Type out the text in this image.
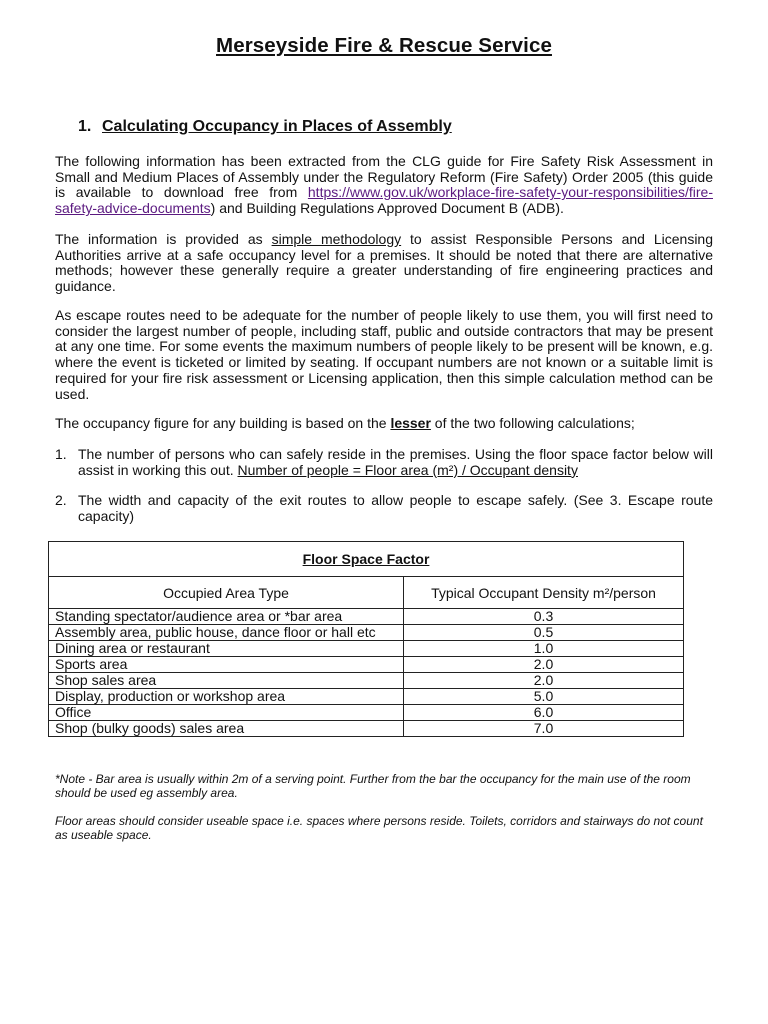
Merseyside Fire & Rescue Service
1. Calculating Occupancy in Places of Assembly

The following information has been extracted from the CLG guide for Fire Safety Risk Assessment in Small and Medium Places of Assembly under the Regulatory Reform (Fire Safety) Order 2005 (this guide is available to download free from https://www.gov.uk/workplace-fire-safety-your-responsibilities/fire-safety-advice-documents) and Building Regulations Approved Document B (ADB).

The information is provided as simple methodology to assist Responsible Persons and Licensing Authorities arrive at a safe occupancy level for a premises. It should be noted that there are alternative methods; however these generally require a greater understanding of fire engineering practices and guidance.

As escape routes need to be adequate for the number of people likely to use them, you will first need to consider the largest number of people, including staff, public and outside contractors that may be present at any one time. For some events the maximum numbers of people likely to be present will be known, e.g. where the event is ticketed or limited by seating. If occupant numbers are not known or a suitable limit is required for your fire risk assessment or Licensing application, then this simple calculation method can be used.

The occupancy figure for any building is based on the lesser of the two following calculations;

1. The number of persons who can safely reside in the premises. Using the floor space factor below will assist in working this out. Number of people = Floor area (m²) / Occupant density
2. The width and capacity of the exit routes to allow people to escape safely. (See 3. Escape route capacity)
Floor Space Factor	
Occupied Area Type	Typical Occupant Density m²/person
Standing spectator/audience area or *bar area	0.3
Assembly area, public house, dance floor or hall etc	0.5
Dining area or restaurant	1.0
Sports area	2.0
Shop sales area	2.0
Display, production or workshop area	5.0
Office	6.0
Shop (bulky goods) sales area	7.0

*Note - Bar area is usually within 2m of a serving point. Further from the bar the occupancy for the main use of the room should be used eg assembly area.

Floor areas should consider useable space i.e. spaces where persons reside. Toilets, corridors and stairways do not count as useable space.
